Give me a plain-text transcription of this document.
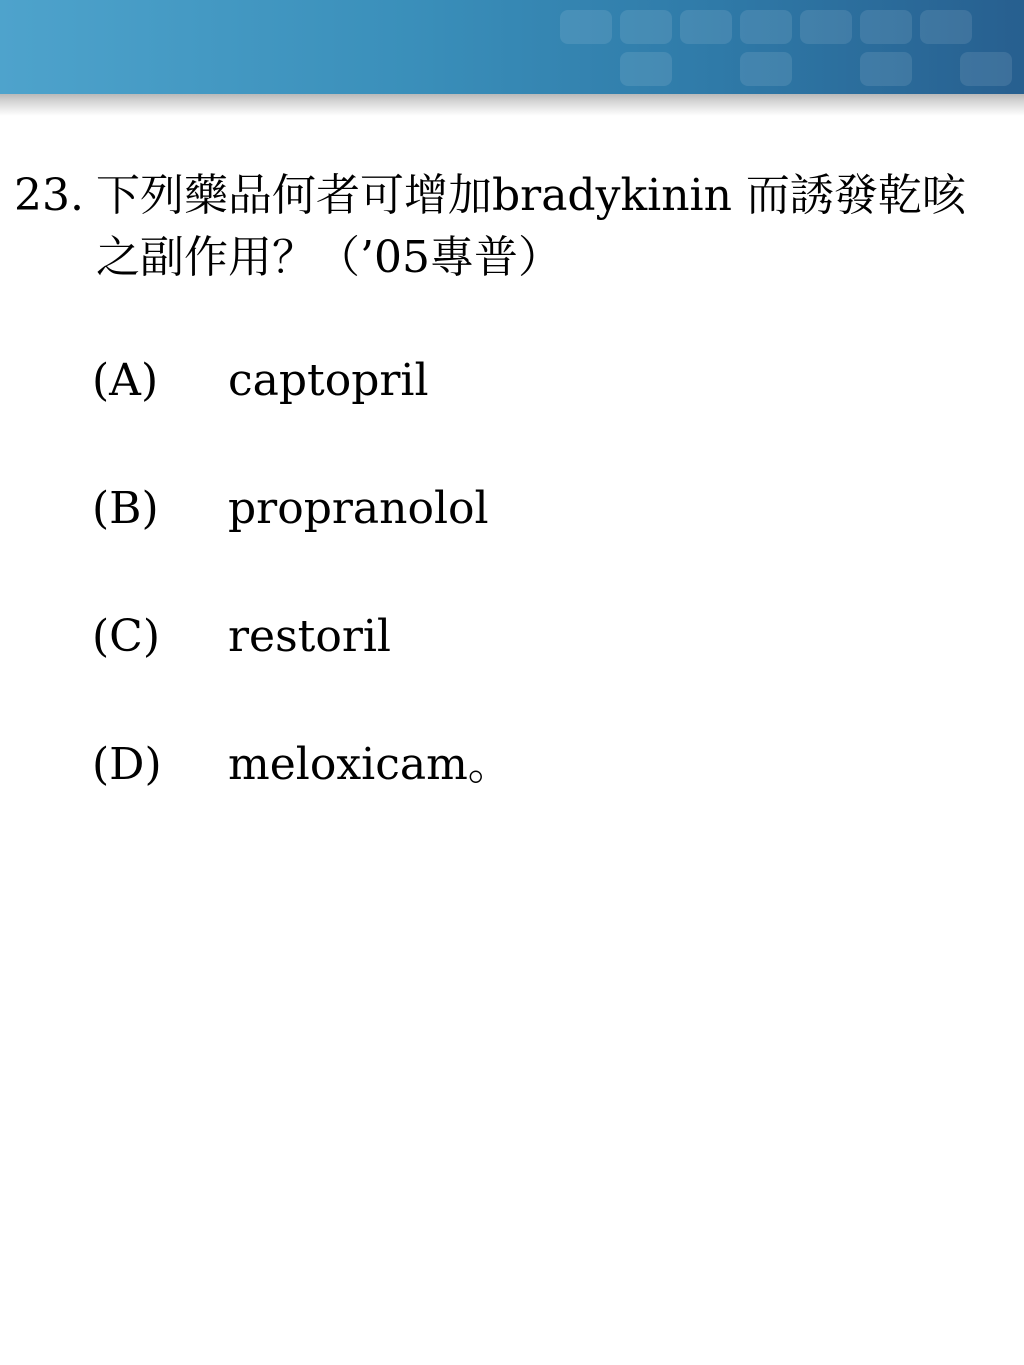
23. 下列藥品何者可增加bradykinin 而誘發乾咳之副作用？（’05專普）
(A)	captopril
(B)	propranolol
(C)	restoril
(D)	meloxicam。
